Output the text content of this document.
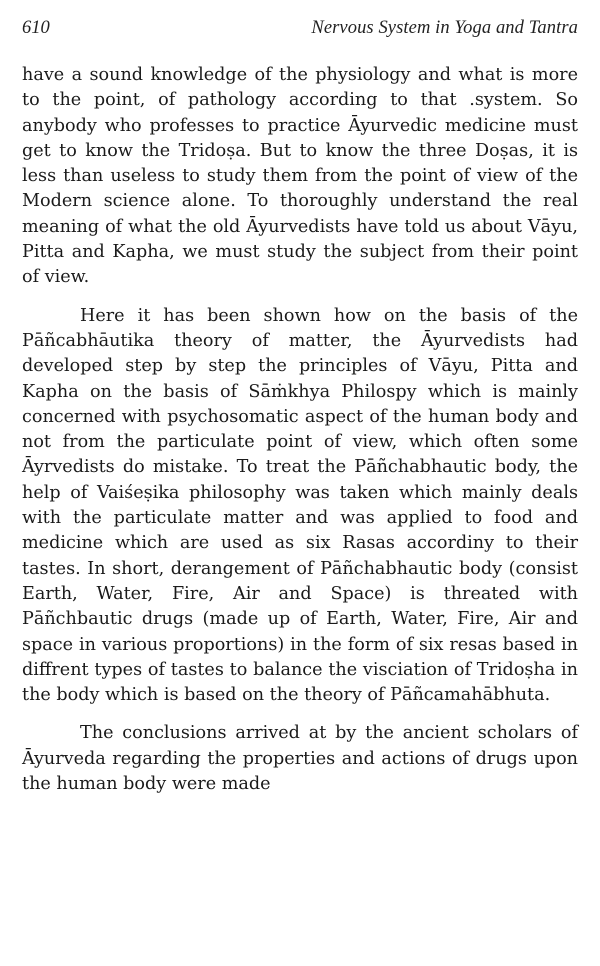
610	Nervous System in Yoga and Tantra

have a sound knowledge of the physiology and what is more to the point, of pathology according to that .system. So anybody who professes to practice Āyurvedic medicine must get to know the Tridoṣa. But to know the three Doṣas, it is less than useless to study them from the point of view of the Modern science alone. To thoroughly understand the real meaning of what the old Āyurvedists have told us about Vāyu, Pitta and Kapha, we must study the subject from their point of view.

Here it has been shown how on the basis of the Pāñcabhāutika theory of matter, the Āyurvedists had developed step by step the principles of Vāyu, Pitta and Kapha on the basis of Sāṁkhya Philospy which is mainly concerned with psychosomatic aspect of the human body and not from the particulate point of view, which often some Āyrvedists do mistake. To treat the Pāñchabhautic body, the help of Vaiśeṣika philosophy was taken which mainly deals with the particulate matter and was applied to food and medicine which are used as six Rasas accordiny to their tastes. In short, derangement of Pāñchabhautic body (consist Earth, Water, Fire, Air and Space) is threated with Pāñchbautic drugs (made up of Earth, Water, Fire, Air and space in various proportions) in the form of six resas based in diffrent types of tastes to balance the visciation of Tridoṣha in the body which is based on the theory of Pāñcamahābhuta.

The conclusions arrived at by the ancient scholars of Āyurveda regarding the properties and actions of drugs upon the human body were made
